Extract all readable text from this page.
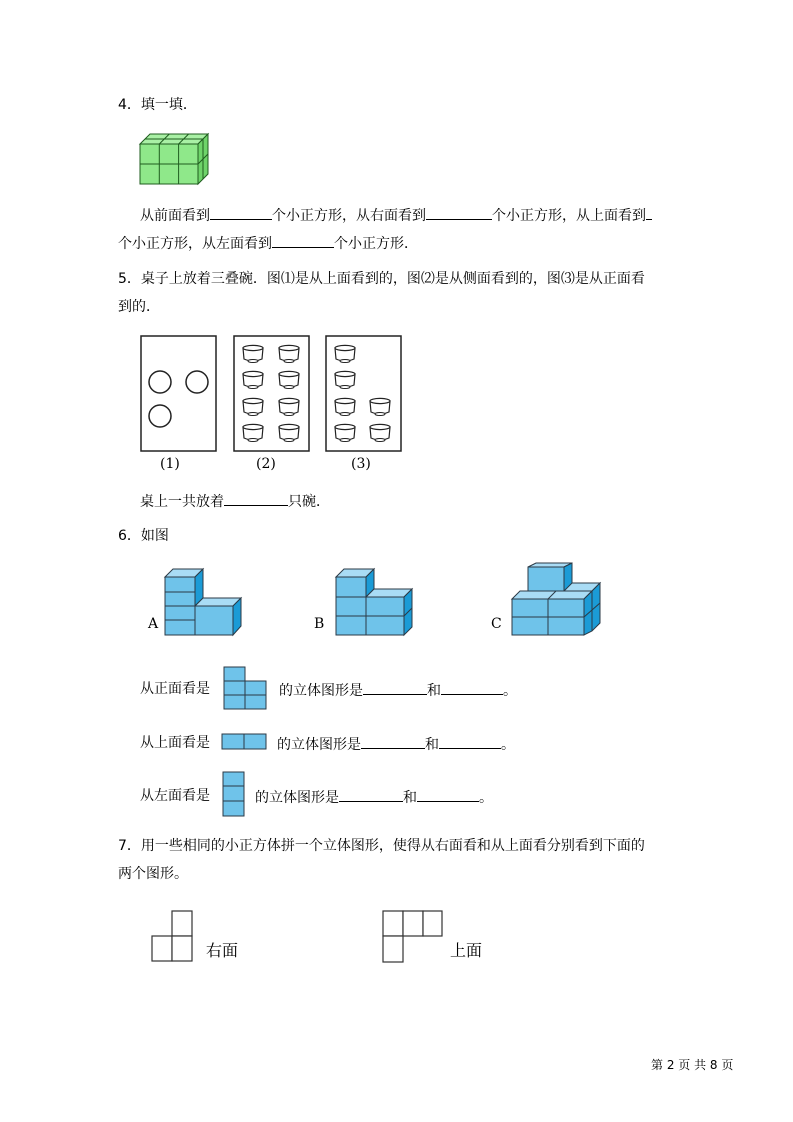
4．填一填．
从前面看到	个小正方形，从右面看到	个小正方形，从上面看到
个小正方形，从左面看到	个小正方形．
5．桌子上放着三叠碗．图⑴是从上面看到的，图⑵是从侧面看到的，图⑶是从正面看
到的．
(1)	(2)	(3)
桌上一共放着	只碗．
6．如图
A	B	C
从正面看是	的立体图形是	和	。
从上面看是	的立体图形是	和	。
从左面看是	的立体图形是	和	。
7．用一些相同的小正方体拼一个立体图形，使得从右面看和从上面看分别看到下面的
两个图形。
右面	上面
第 2 页 共 8 页
